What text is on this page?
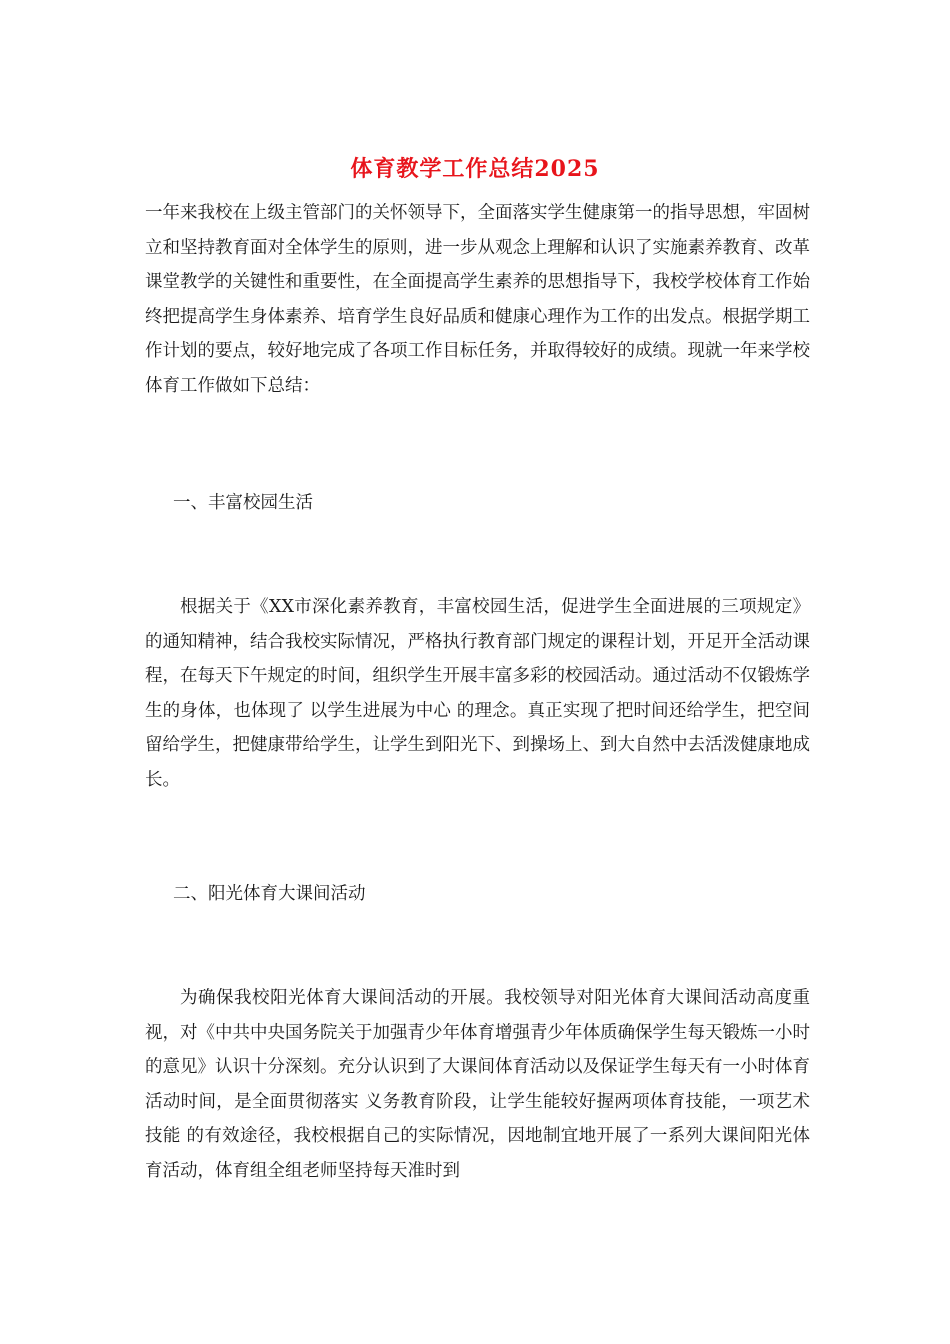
体育教学工作总结2025

一年来我校在上级主管部门的关怀领导下，全面落实学生健康第一的指导思想，牢固树立和坚持教育面对全体学生的原则，进一步从观念上理解和认识了实施素养教育、改革课堂教学的关键性和重要性，在全面提高学生素养的思想指导下，我校学校体育工作始终把提高学生身体素养、培育学生良好品质和健康心理作为工作的出发点。根据学期工作计划的要点，较好地完成了各项工作目标任务，并取得较好的成绩。现就一年来学校体育工作做如下总结：

一、丰富校园生活

根据关于《XX市深化素养教育，丰富校园生活，促进学生全面进展的三项规定》的通知精神，结合我校实际情况，严格执行教育部门规定的课程计划，开足开全活动课程，在每天下午规定的时间，组织学生开展丰富多彩的校园活动。通过活动不仅锻炼学生的身体，也体现了 以学生进展为中心 的理念。真正实现了把时间还给学生，把空间留给学生，把健康带给学生，让学生到阳光下、到操场上、到大自然中去活泼健康地成长。

二、阳光体育大课间活动

为确保我校阳光体育大课间活动的开展。我校领导对阳光体育大课间活动高度重视，对《中共中央国务院关于加强青少年体育增强青少年体质确保学生每天锻炼一小时的意见》认识十分深刻。充分认识到了大课间体育活动以及保证学生每天有一小时体育活动时间，是全面贯彻落实 义务教育阶段，让学生能较好握两项体育技能，一项艺术技能 的有效途径，我校根据自己的实际情况，因地制宜地开展了一系列大课间阳光体育活动，体育组全组老师坚持每天准时到
